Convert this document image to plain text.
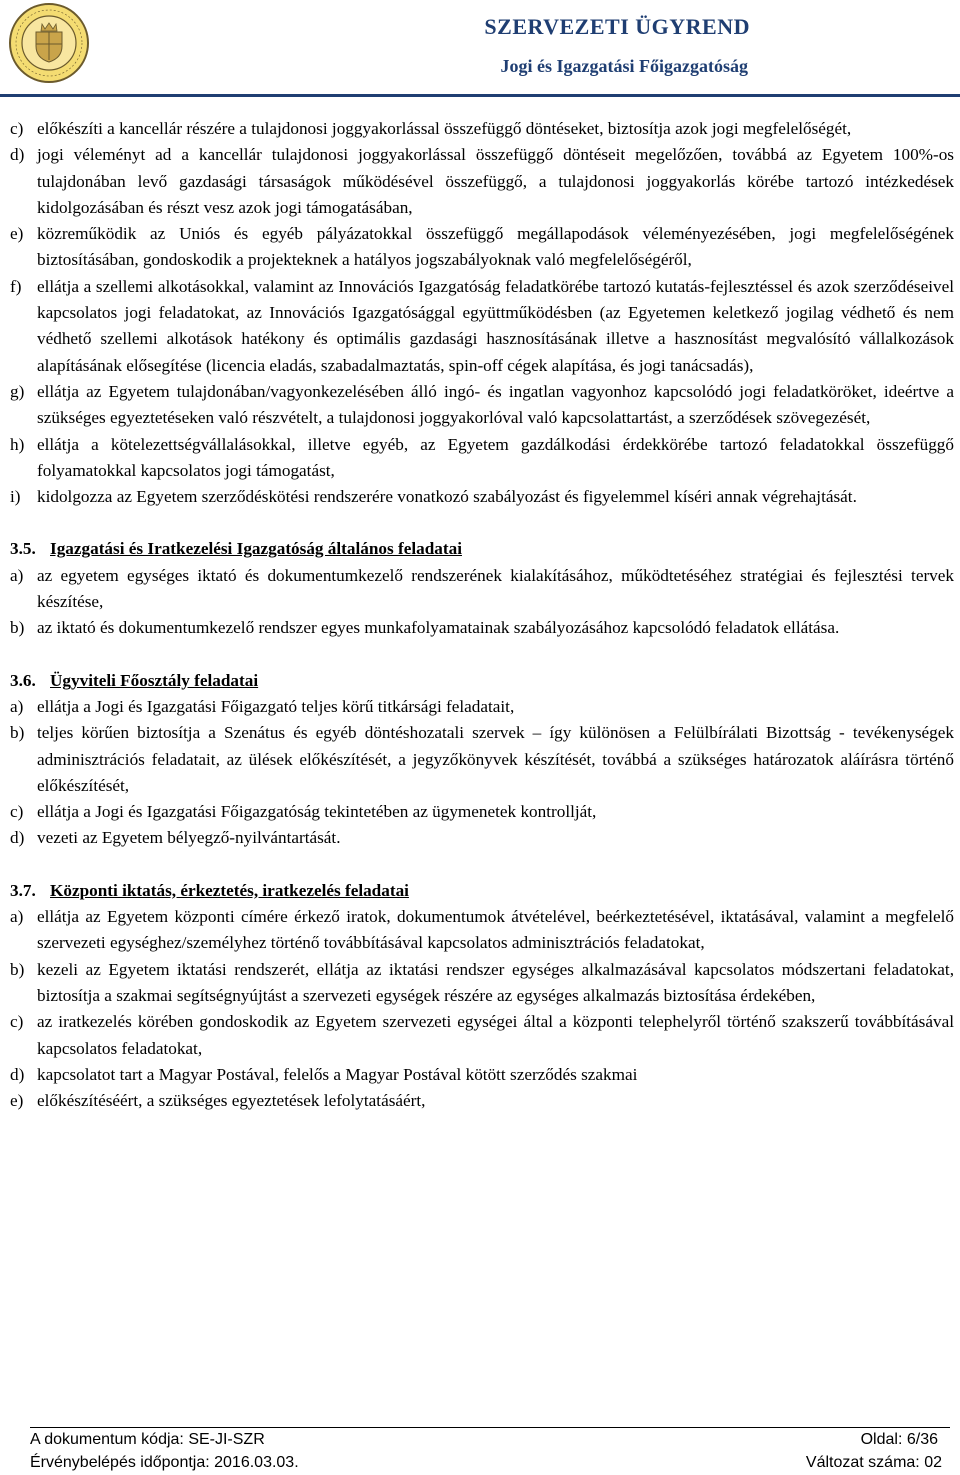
SZERVEZETI ÜGYREND
Jogi és Igazgatási Főigazgatóság
c) előkészíti a kancellár részére a tulajdonosi joggyakorlással összefüggő döntéseket, biztosítja azok jogi megfelelőségét,
d) jogi véleményt ad a kancellár tulajdonosi joggyakorlással összefüggő döntéseit megelőzően, továbbá az Egyetem 100%-os tulajdonában levő gazdasági társaságok működésével összefüggő, a tulajdonosi joggyakorlás körébe tartozó intézkedések kidolgozásában és részt vesz azok jogi támogatásában,
e) közreműködik az Uniós és egyéb pályázatokkal összefüggő megállapodások véleményezésében, jogi megfelelőségének biztosításában, gondoskodik a projekteknek a hatályos jogszabályoknak való megfelelőségéről,
f) ellátja a szellemi alkotásokkal, valamint az Innovációs Igazgatóság feladatkörébe tartozó kutatás-fejlesztéssel és azok szerződéseivel kapcsolatos jogi feladatokat, az Innovációs Igazgatósággal együttműködésben (az Egyetemen keletkező jogilag védhető és nem védhető szellemi alkotások hatékony és optimális gazdasági hasznosításának illetve a hasznosítást megvalósító vállalkozások alapításának elősegítése (licencia eladás, szabadalmaztatás, spin-off cégek alapítása, és jogi tanácsadás),
g) ellátja az Egyetem tulajdonában/vagyonkezelésében álló ingó- és ingatlan vagyonhoz kapcsolódó jogi feladatköröket, ideértve a szükséges egyeztetéseken való részvételt, a tulajdonosi joggyakorlóval való kapcsolattartást, a szerződések szövegezését,
h) ellátja a kötelezettségvállalásokkal, illetve egyéb, az Egyetem gazdálkodási érdekkörébe tartozó feladatokkal összefüggő folyamatokkal kapcsolatos jogi támogatást,
i) kidolgozza az Egyetem szerződéskötési rendszerére vonatkozó szabályozást és figyelemmel kíséri annak végrehajtását.
3.5. Igazgatási és Iratkezelési Igazgatóság általános feladatai
a) az egyetem egységes iktató és dokumentumkezelő rendszerének kialakításához, működtetéséhez stratégiai és fejlesztési tervek készítése,
b) az iktató és dokumentumkezelő rendszer egyes munkafolyamatainak szabályozásához kapcsolódó feladatok ellátása.
3.6. Ügyviteli Főosztály feladatai
a) ellátja a Jogi és Igazgatási Főigazgató teljes körű titkársági feladatait,
b) teljes körűen biztosítja a Szenátus és egyéb döntéshozatali szervek – így különösen a Felülbírálati Bizottság - tevékenységek adminisztrációs feladatait, az ülések előkészítését, a jegyzőkönyvek készítését, továbbá a szükséges határozatok aláírásra történő előkészítését,
c) ellátja a Jogi és Igazgatási Főigazgatóság tekintetében az ügymenetek kontrollját,
d) vezeti az Egyetem bélyegző-nyilvántartását.
3.7. Központi iktatás, érkeztetés, iratkezelés feladatai
a) ellátja az Egyetem központi címére érkező iratok, dokumentumok átvételével, beérkeztetésével, iktatásával, valamint a megfelelő szervezeti egységhez/személyhez történő továbbításával kapcsolatos adminisztrációs feladatokat,
b) kezeli az Egyetem iktatási rendszerét, ellátja az iktatási rendszer egységes alkalmazásával kapcsolatos módszertani feladatokat, biztosítja a szakmai segítségnyújtást a szervezeti egységek részére az egységes alkalmazás biztosítása érdekében,
c) az iratkezelés körében gondoskodik az Egyetem szervezeti egységei által a központi telephelyről történő szakszerű továbbításával kapcsolatos feladatokat,
d) kapcsolatot tart a Magyar Postával, felelős a Magyar Postával kötött szerződés szakmai
e) előkészítéséért, a szükséges egyeztetések lefolytatásáért,
A dokumentum kódja: SE-JI-SZR	Oldal: 6/36
Érvénybelépés időpontja: 2016.03.03.	Változat száma: 02
